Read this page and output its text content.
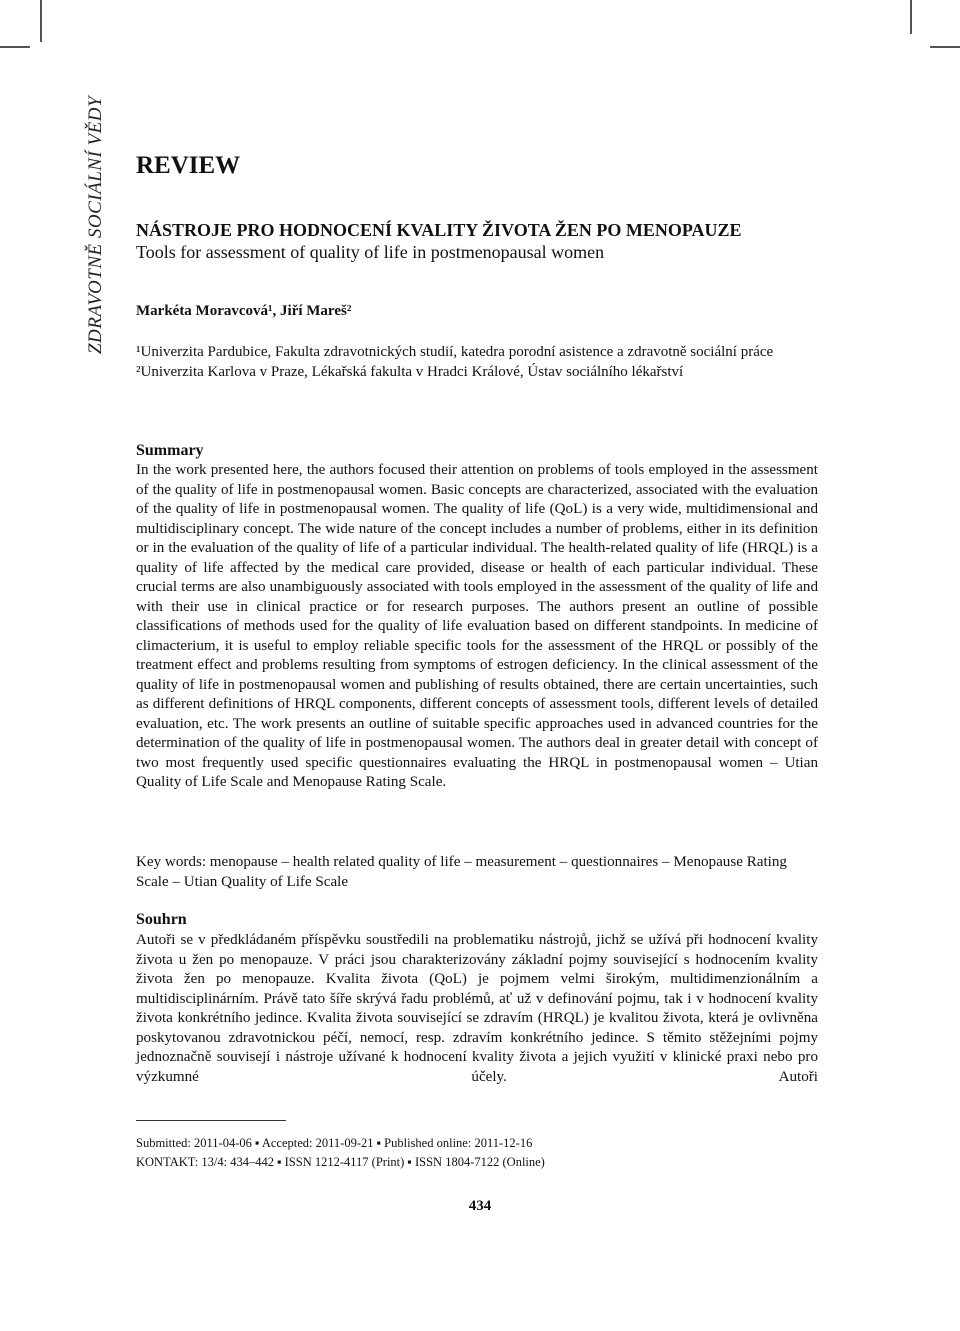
ZDRAVOTNĚ SOCIÁLNÍ VĚDY REVIEW
NÁSTROJE PRO HODNOCENÍ KVALITY ŽIVOTA ŽEN PO MENOPAUZE
Tools for assessment of quality of life in postmenopausal women
Markéta Moravcová¹, Jiří Mareš²

¹Univerzita Pardubice, Fakulta zdravotnických studií, katedra porodní asistence a zdravotně sociální práce

²Univerzita Karlova v Praze, Lékařská fakulta v Hradci Králové, Ústav sociálního lékařství

Summary

In the work presented here, the authors focused their attention on problems of tools employed in the assessment of the quality of life in postmenopausal women. Basic concepts are characterized, associated with the evaluation of the quality of life in postmenopausal women. The quality of life (QoL) is a very wide, multidimensional and multidisciplinary concept. The wide nature of the concept includes a number of problems, either in its definition or in the evaluation of the quality of life of a particular individual. The health-related quality of life (HRQL) is a quality of life affected by the medical care provided, disease or health of each particular individual. These crucial terms are also unambiguously associated with tools employed in the assessment of the quality of life and with their use in clinical practice or for research purposes. The authors present an outline of possible classifications of methods used for the quality of life evaluation based on different standpoints. In medicine of climacterium, it is useful to employ reliable specific tools for the assessment of the HRQL or possibly of the treatment effect and problems resulting from symptoms of estrogen deficiency. In the clinical assessment of the quality of life in postmenopausal women and publishing of results obtained, there are certain uncertainties, such as different definitions of HRQL components, different concepts of assessment tools, different levels of detailed evaluation, etc. The work presents an outline of suitable specific approaches used in advanced countries for the determination of the quality of life in postmenopausal women. The authors deal in greater detail with concept of two most frequently used specific questionnaires evaluating the HRQL in postmenopausal women – Utian Quality of Life Scale and Menopause Rating Scale.

Key words: menopause – health related quality of life – measurement – questionnaires – Menopause Rating Scale – Utian Quality of Life Scale

Souhrn

Autoři se v předkládaném příspěvku soustředili na problematiku nástrojů, jichž se užívá při hodnocení kvality života u žen po menopauze. V práci jsou charakterizovány základní pojmy související s hodnocením kvality života žen po menopauze. Kvalita života (QoL) je pojmem velmi širokým, multidimenzionálním a multidisciplinárním. Právě tato šíře skrývá řadu problémů, ať už v definování pojmu, tak i v hodnocení kvality života konkrétního jedince. Kvalita života související se zdravím (HRQL) je kvalitou života, která je ovlivněna poskytovanou zdravotnickou péčí, nemocí, resp. zdravím konkrétního jedince. S těmito stěžejními pojmy jednoznačně souvisejí i nástroje užívané k hodnocení kvality života a jejich využití v klinické praxi nebo pro výzkumné účely. Autoři

Submitted: 2011-04-06 ▪ Accepted: 2011-09-21 ▪ Published online: 2011-12-16

KONTAKT: 13/4: 434–442 ▪ ISSN 1212-4117 (Print) ▪ ISSN 1804-7122 (Online)

434
